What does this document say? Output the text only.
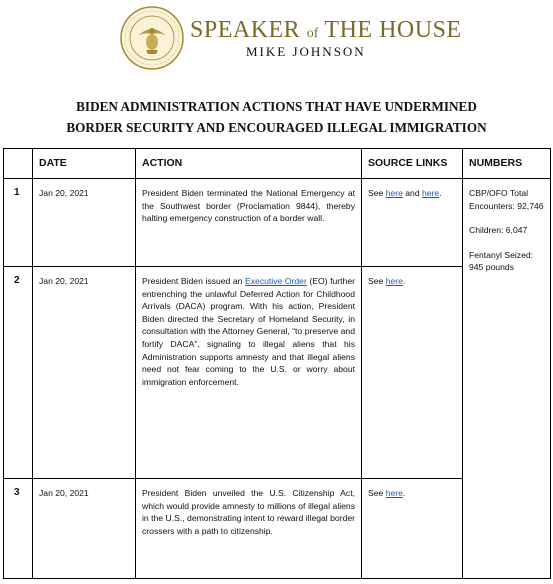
SPEAKER of THE HOUSE
MIKE JOHNSON
BIDEN ADMINISTRATION ACTIONS THAT HAVE UNDERMINED
BORDER SECURITY AND ENCOURAGED ILLEGAL IMMIGRATION
	DATE	ACTION	SOURCE LINKS	NUMBERS
1	Jan 20, 2021	President Biden terminated the National Emergency at the Southwest border (Proclamation 9844), thereby halting emergency construction of a border wall.	See here and here.	CBP/OFO Total Encounters: 92,746

Children: 6,047

Fentanyl Seized: 945 pounds

2	Jan 20, 2021	President Biden issued an Executive Order (EO) further entrenching the unlawful Deferred Action for Childhood Arrivals (DACA) program. With his action, President Biden directed the Secretary of Homeland Security, in consultation with the Attorney General, “to preserve and fortify DACA”, signaling to illegal aliens that his Administration supports amnesty and that illegal aliens need not fear coming to the U.S. or worry about immigration enforcement.	See here.	
3	Jan 20, 2021	President Biden unveiled the U.S. Citizenship Act, which would provide amnesty to millions of illegal aliens in the U.S., demonstrating intent to reward illegal border crossers with a path to citizenship.	See here.	
